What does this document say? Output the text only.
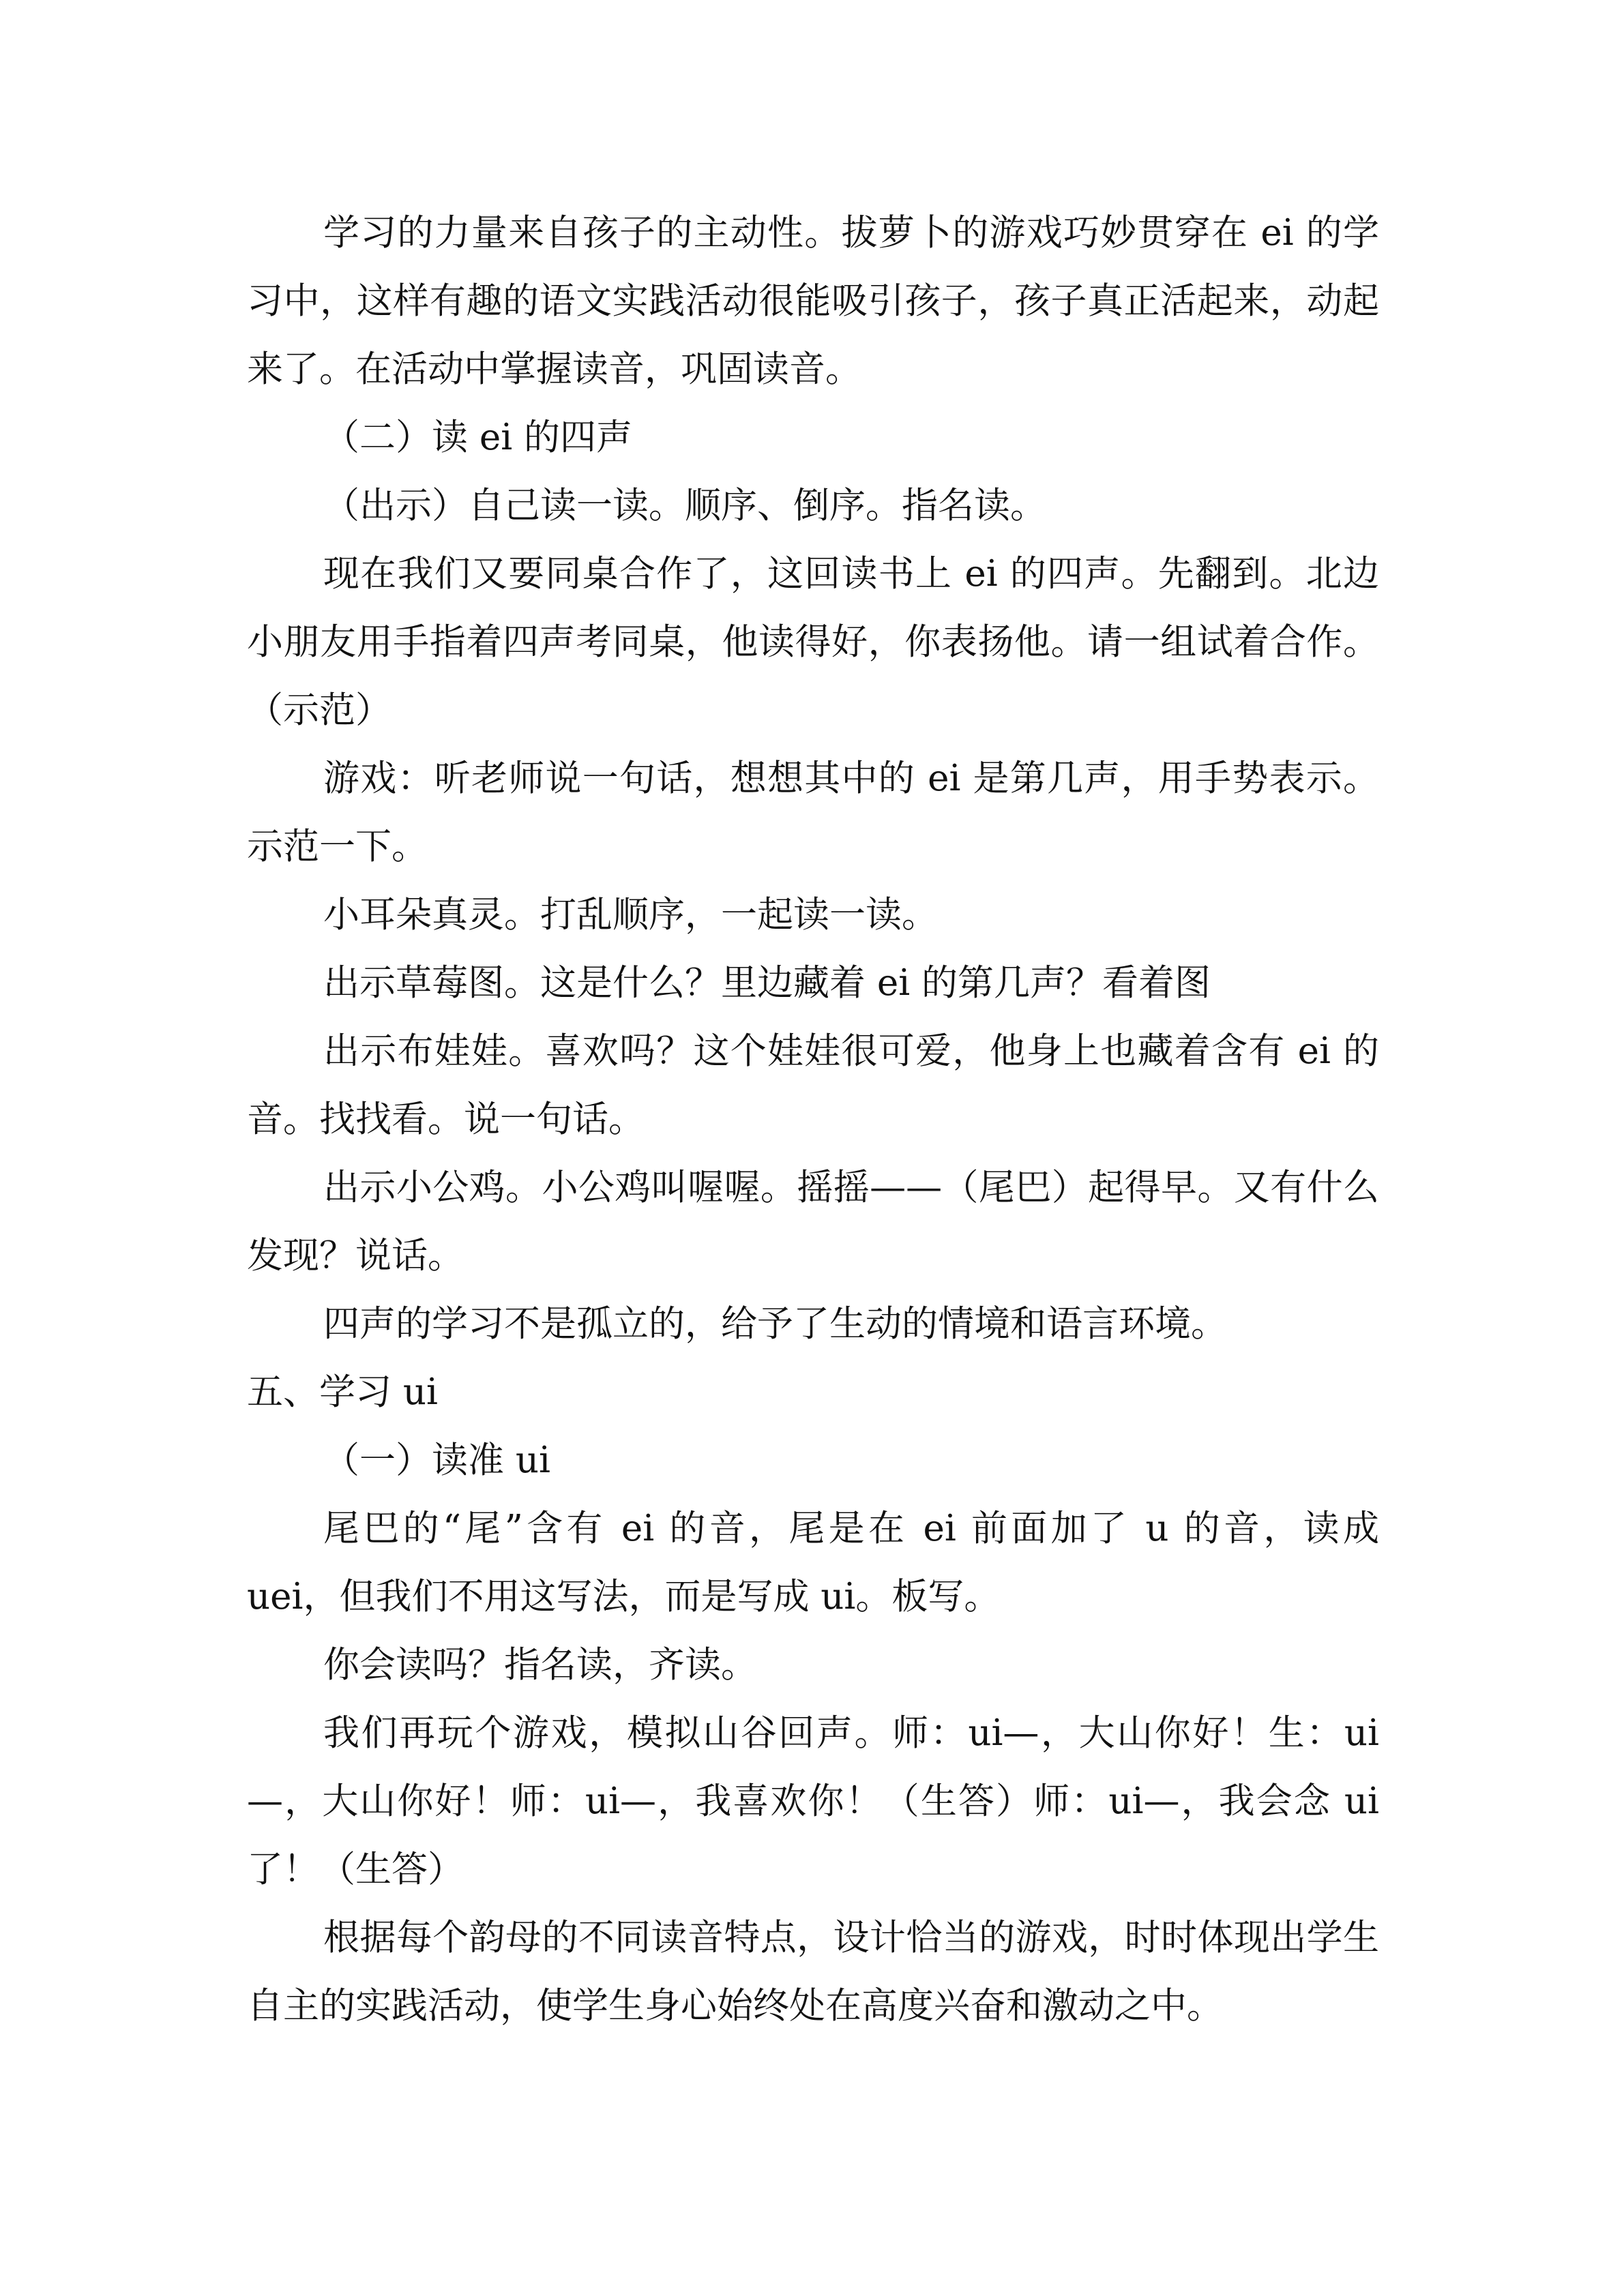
学习的力量来自孩子的主动性。拔萝卜的游戏巧妙贯穿在 ei 的学习中，这样有趣的语文实践活动很能吸引孩子，孩子真正活起来，动起来了。在活动中掌握读音，巩固读音。

（二）读 ei 的四声

（出示）自己读一读。顺序、倒序。指名读。

现在我们又要同桌合作了，这回读书上 ei 的四声。先翻到。北边小朋友用手指着四声考同桌，他读得好，你表扬他。请一组试着合作。（示范）

游戏：听老师说一句话，想想其中的 ei 是第几声，用手势表示。示范一下。

小耳朵真灵。打乱顺序，一起读一读。

出示草莓图。这是什么？里边藏着 ei 的第几声？看着图

出示布娃娃。喜欢吗？这个娃娃很可爱，他身上也藏着含有 ei 的音。找找看。说一句话。

出示小公鸡。小公鸡叫喔喔。摇摇——（尾巴）起得早。又有什么发现？说话。

四声的学习不是孤立的，给予了生动的情境和语言环境。

五、学习 ui

（一）读准 ui

尾巴的“尾”含有 ei 的音，尾是在 ei 前面加了 u 的音，读成 uei，但我们不用这写法，而是写成 ui。板写。

你会读吗？指名读，齐读。

我们再玩个游戏，模拟山谷回声。师：ui—，大山你好！生：ui—，大山你好！师：ui—，我喜欢你！（生答）师：ui—，我会念 ui 了！（生答）

根据每个韵母的不同读音特点，设计恰当的游戏，时时体现出学生自主的实践活动，使学生身心始终处在高度兴奋和激动之中。
